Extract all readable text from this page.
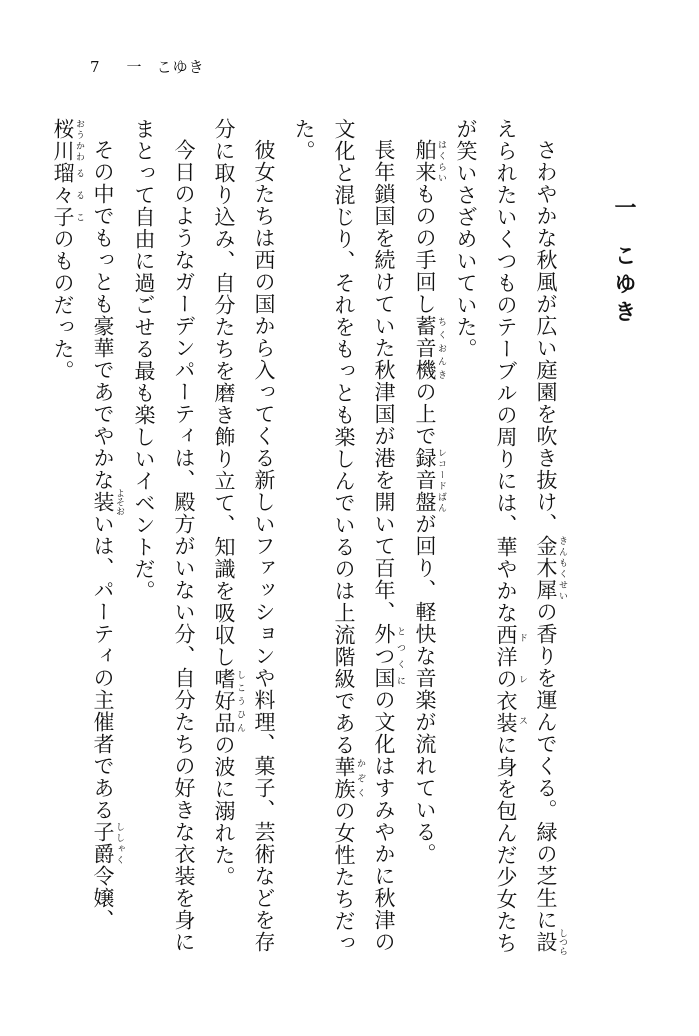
7 一 こゆき
一こゆき
さわやかな秋風が広い庭園を吹き抜け、金木犀 きんもくせいの香りを運んでくる。緑の芝生に設 しつらえられたいくつものテーブルの周りには、華やかな西洋の衣装 ドレスに身を包んだ少女たちが笑いさざめいていた。
舶来 はくらいものの手回し蓄音機 ちくおんきの上で録音盤 レコードばんが回り、軽快な音楽が流れている。
長年鎖国を続けていた秋津国が港を開いて百年、外つ国 とつくにの文化はすみやかに秋津の文化と混じり、それをもっとも楽しんでいるのは上流階級である華族 かぞくの女性たちだった。
彼女たちは西の国から入ってくる新しいファッションや料理、菓子、芸術などを存分に取り込み、自分たちを磨き飾り立て、知識を吸収し嗜好品 しこうひんの波に溺れた。
今日のようなガーデンパーティは、殿方がいない分、自分たちの好きな衣装を身にまとって自由に過ごせる最も楽しいイベントだ。
その中でもっとも豪華であでやかな装 よそおいは、パーティの主催者である子爵 ししゃく令嬢、桜川 おうかわ瑠々子 るるこのものだった。
